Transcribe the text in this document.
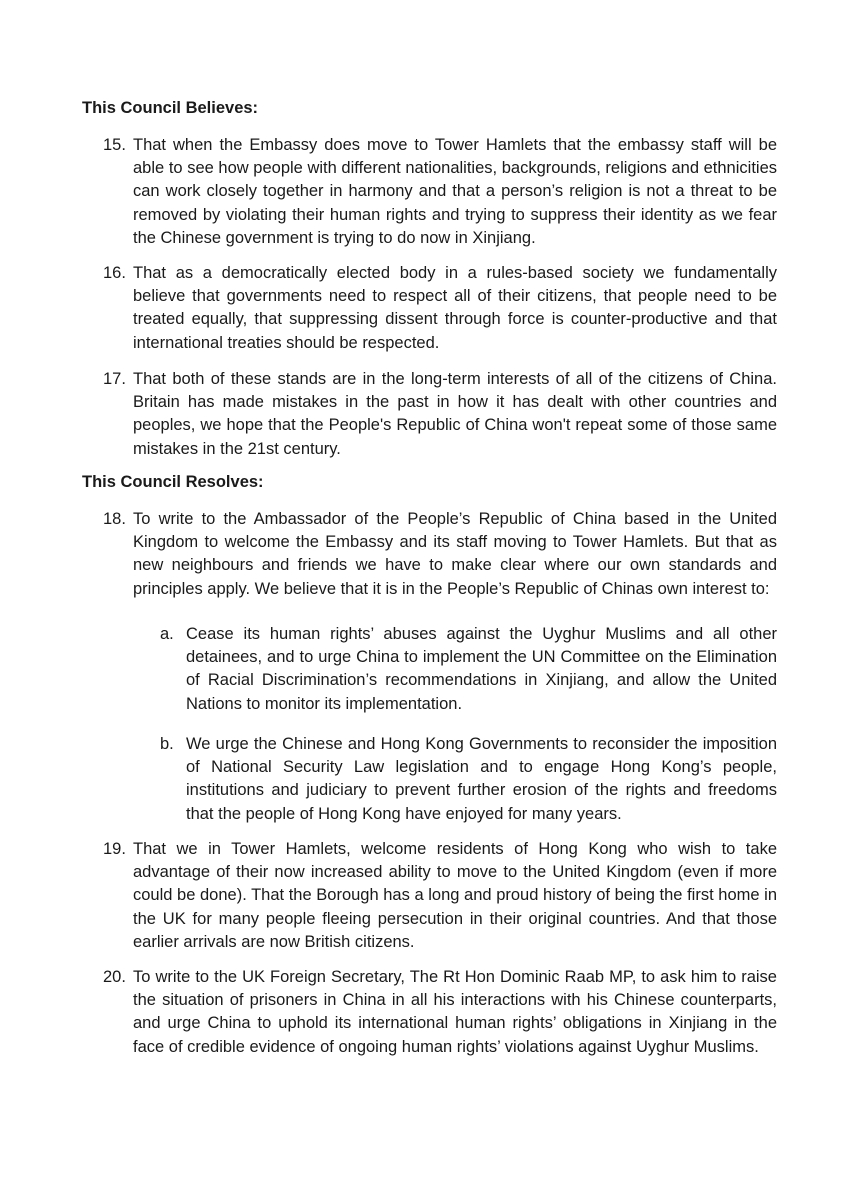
This Council Believes:
15. That when the Embassy does move to Tower Hamlets that the embassy staff will be able to see how people with different nationalities, backgrounds, religions and ethnicities can work closely together in harmony and that a person’s religion is not a threat to be removed by violating their human rights and trying to suppress their identity as we fear the Chinese government is trying to do now in Xinjiang.
16. That as a democratically elected body in a rules-based society we fundamentally believe that governments need to respect all of their citizens, that people need to be treated equally, that suppressing dissent through force is counter-productive and that international treaties should be respected.
17. That both of these stands are in the long-term interests of all of the citizens of China. Britain has made mistakes in the past in how it has dealt with other countries and peoples, we hope that the People's Republic of China won't repeat some of those same mistakes in the 21st century.
This Council Resolves:
18. To write to the Ambassador of the People’s Republic of China based in the United Kingdom to welcome the Embassy and its staff moving to Tower Hamlets. But that as new neighbours and friends we have to make clear where our own standards and principles apply. We believe that it is in the People’s Republic of Chinas own interest to:
a. Cease its human rights’ abuses against the Uyghur Muslims and all other detainees, and to urge China to implement the UN Committee on the Elimination of Racial Discrimination’s recommendations in Xinjiang, and allow the United Nations to monitor its implementation.
b. We urge the Chinese and Hong Kong Governments to reconsider the imposition of National Security Law legislation and to engage Hong Kong’s people, institutions and judiciary to prevent further erosion of the rights and freedoms that the people of Hong Kong have enjoyed for many years.
19. That we in Tower Hamlets, welcome residents of Hong Kong who wish to take advantage of their now increased ability to move to the United Kingdom (even if more could be done). That the Borough has a long and proud history of being the first home in the UK for many people fleeing persecution in their original countries. And that those earlier arrivals are now British citizens.
20. To write to the UK Foreign Secretary, The Rt Hon Dominic Raab MP, to ask him to raise the situation of prisoners in China in all his interactions with his Chinese counterparts, and urge China to uphold its international human rights’ obligations in Xinjiang in the face of credible evidence of ongoing human rights’ violations against Uyghur Muslims.
